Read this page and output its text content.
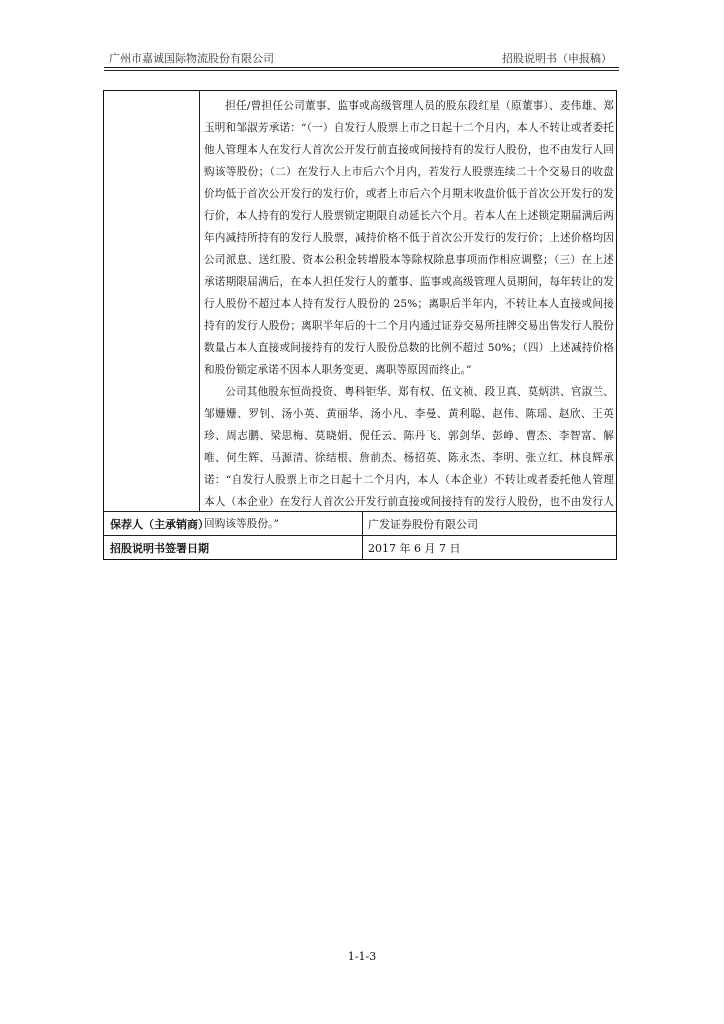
广州市嘉诚国际物流股份有限公司	招股说明书（申报稿）

担任/曾担任公司董事、监事或高级管理人员的股东段红星（原董事）、麦伟雄、郑玉明和邹淑芳承诺：“（一）自发行人股票上市之日起十二个月内，本人不转让或者委托他人管理本人在发行人首次公开发行前直接或间接持有的发行人股份，也不由发行人回购该等股份；（二）在发行人上市后六个月内，若发行人股票连续二十个交易日的收盘价均低于首次公开发行的发行价，或者上市后六个月期末收盘价低于首次公开发行的发行价，本人持有的发行人股票锁定期限自动延长六个月。若本人在上述锁定期届满后两年内减持所持有的发行人股票，减持价格不低于首次公开发行的发行价；上述价格均因公司派息、送红股、资本公积金转增股本等除权除息事项而作相应调整；（三）在上述承诺期限届满后，在本人担任发行人的董事、监事或高级管理人员期间，每年转让的发行人股份不超过本人持有发行人股份的 25%；离职后半年内，不转让本人直接或间接持有的发行人股份；离职半年后的十二个月内通过证券交易所挂牌交易出售发行人股份数量占本人直接或间接持有的发行人股份总数的比例不超过 50%；（四）上述减持价格和股份锁定承诺不因本人职务变更、离职等原因而终止。”

公司其他股东恒尚投资、粤科钜华、郑有权、伍文祯、段卫真、莫炳洪、官淑兰、邹姗姗、罗钊、汤小英、黄丽华、汤小凡、李曼、黄利聪、赵伟、陈瑶、赵欣、王英珍、周志鹏、梁思梅、莫晓娟、倪任云、陈丹飞、郭剑华、彭峥、曹杰、李智富、解唯、何生辉、马源清、徐结根、詹前杰、杨招英、陈永杰、李明、张立红、林良辉承诺：“自发行人股票上市之日起十二个月内，本人（本企业）不转让或者委托他人管理本人（本企业）在发行人首次公开发行前直接或间接持有的发行人股份，也不由发行人回购该等股份。”

保荐人（主承销商）	广发证券股份有限公司
招股说明书签署日期	2017 年 6 月 7 日
1-1-3
